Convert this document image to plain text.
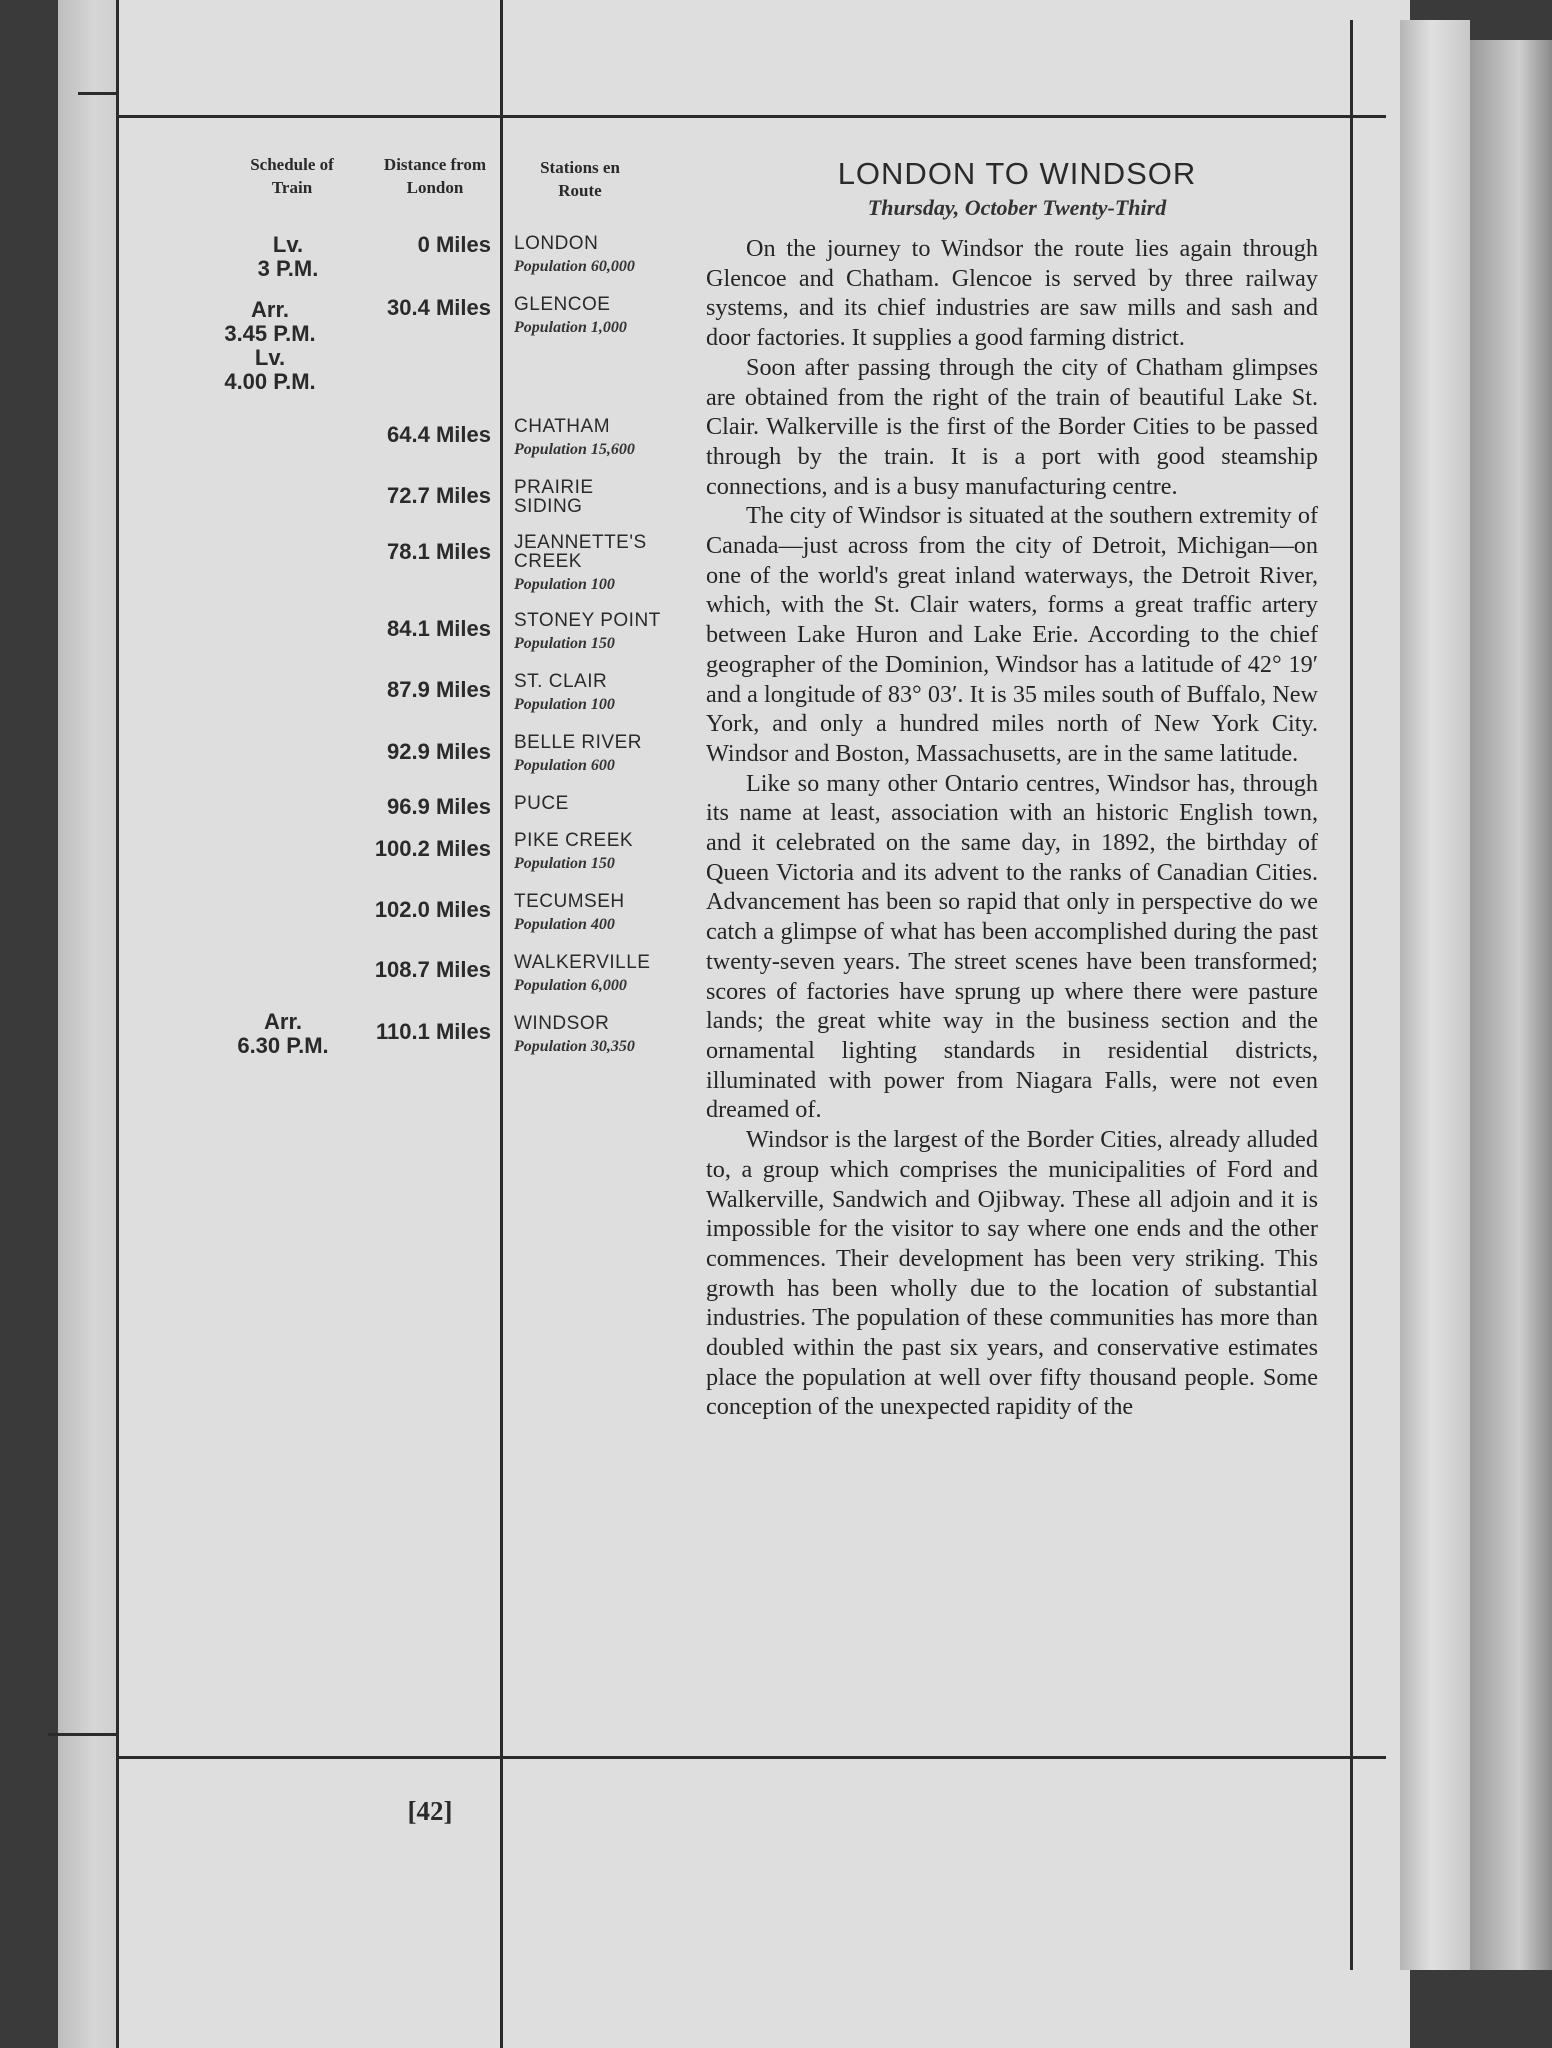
Schedule of
Train
Distance from
London
Stations en
Route
Lv.
3 P.M.
Arr.
3.45 P.M.
Lv.
4.00 P.M.
Arr.
6.30 P.M.
0 Miles
30.4 Miles
64.4 Miles
72.7 Miles
78.1 Miles
84.1 Miles
87.9 Miles
92.9 Miles
96.9 Miles
100.2 Miles
102.0 Miles
108.7 Miles
110.1 Miles
LONDON
Population 60,000
GLENCOE
Population 1,000
CHATHAM
Population 15,600
PRAIRIE
SIDING
JEANNETTE'S
CREEK
Population 100
STONEY POINT
Population 150
ST. CLAIR
Population 100
BELLE RIVER
Population 600
PUCE
PIKE CREEK
Population 150
TECUMSEH
Population 400
WALKERVILLE
Population 6,000
WINDSOR
Population 30,350
LONDON TO WINDSOR
Thursday, October Twenty-Third

On the journey to Windsor the route lies again through Glencoe and Chatham. Glencoe is served by three railway systems, and its chief industries are saw mills and sash and door factories. It supplies a good farming district.

Soon after passing through the city of Chatham glimpses are obtained from the right of the train of beautiful Lake St. Clair. Walkerville is the first of the Border Cities to be passed through by the train. It is a port with good steamship connections, and is a busy manufacturing centre.

The city of Windsor is situated at the southern extremity of Canada—just across from the city of Detroit, Michigan—on one of the world's great inland waterways, the Detroit River, which, with the St. Clair waters, forms a great traffic artery between Lake Huron and Lake Erie. According to the chief geographer of the Dominion, Windsor has a latitude of 42° 19′ and a longitude of 83° 03′. It is 35 miles south of Buffalo, New York, and only a hundred miles north of New York City. Windsor and Boston, Massachusetts, are in the same latitude.

Like so many other Ontario centres, Windsor has, through its name at least, association with an historic English town, and it celebrated on the same day, in 1892, the birthday of Queen Victoria and its advent to the ranks of Canadian Cities. Advancement has been so rapid that only in perspective do we catch a glimpse of what has been accomplished during the past twenty-seven years. The street scenes have been transformed; scores of factories have sprung up where there were pasture lands; the great white way in the business section and the ornamental lighting standards in residential districts, illuminated with power from Niagara Falls, were not even dreamed of.

Windsor is the largest of the Border Cities, already alluded to, a group which comprises the municipalities of Ford and Walkerville, Sandwich and Ojibway. These all adjoin and it is impossible for the visitor to say where one ends and the other commences. Their development has been very striking. This growth has been wholly due to the location of substantial industries. The population of these communities has more than doubled within the past six years, and conservative estimates place the population at well over fifty thousand people. Some conception of the unexpected rapidity of the

[42]
